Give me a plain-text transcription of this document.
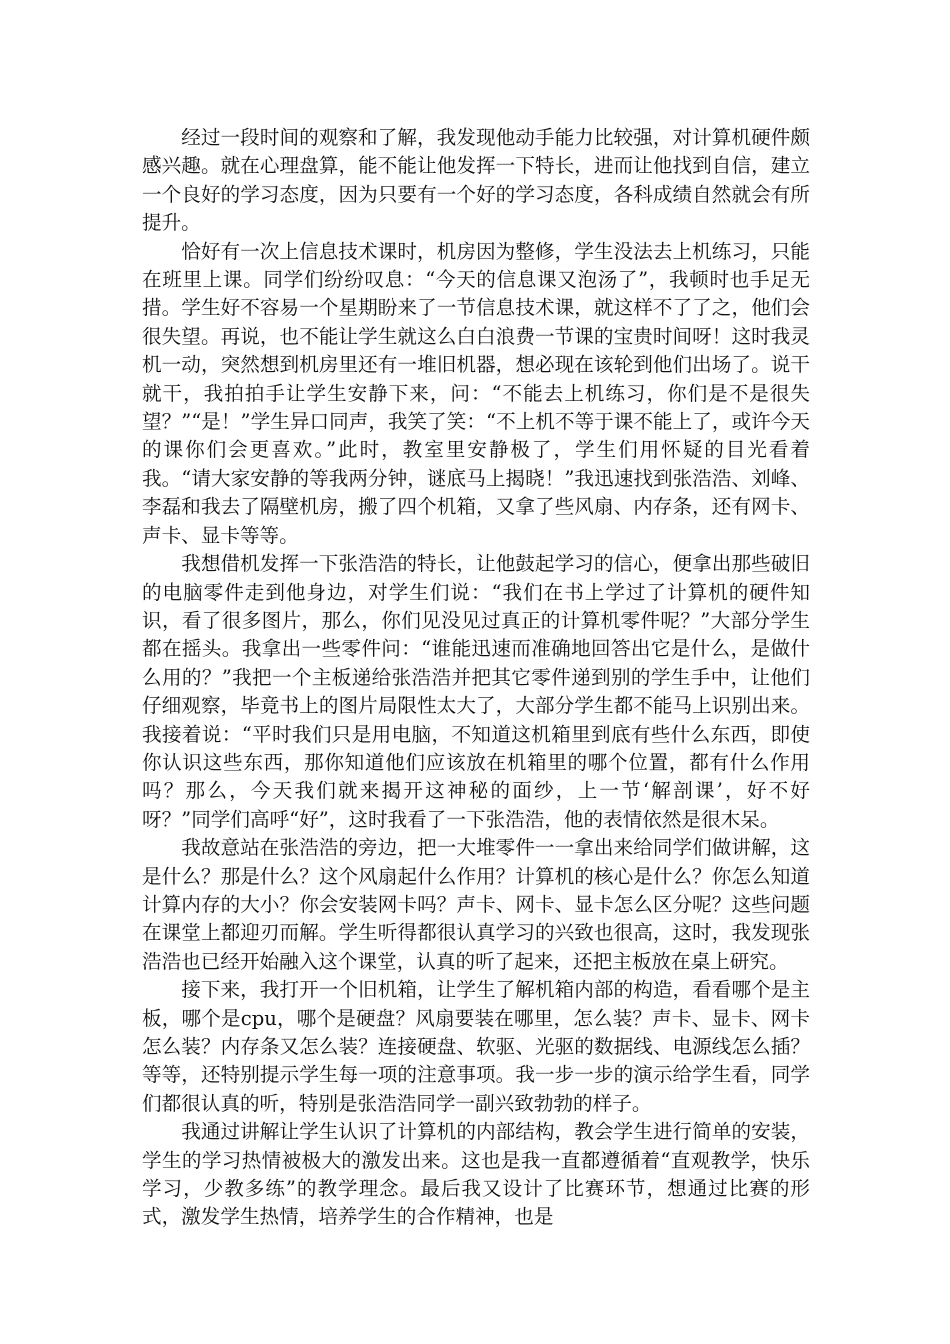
经过一段时间的观察和了解，我发现他动手能力比较强，对计算机硬件颇感兴趣。就在心理盘算，能不能让他发挥一下特长，进而让他找到自信，建立一个良好的学习态度，因为只要有一个好的学习态度，各科成绩自然就会有所提升。

恰好有一次上信息技术课时，机房因为整修，学生没法去上机练习，只能在班里上课。同学们纷纷叹息：“今天的信息课又泡汤了”，我顿时也手足无措。学生好不容易一个星期盼来了一节信息技术课，就这样不了了之，他们会很失望。再说，也不能让学生就这么白白浪费一节课的宝贵时间呀！这时我灵机一动，突然想到机房里还有一堆旧机器，想必现在该轮到他们出场了。说干就干，我拍拍手让学生安静下来，问：“不能去上机练习，你们是不是很失望？”“是！”学生异口同声，我笑了笑：“不上机不等于课不能上了，或许今天的课你们会更喜欢。”此时，教室里安静极了，学生们用怀疑的目光看着我。“请大家安静的等我两分钟，谜底马上揭晓！”我迅速找到张浩浩、刘峰、李磊和我去了隔壁机房，搬了四个机箱，又拿了些风扇、内存条，还有网卡、声卡、显卡等等。

我想借机发挥一下张浩浩的特长，让他鼓起学习的信心，便拿出那些破旧的电脑零件走到他身边，对学生们说：“我们在书上学过了计算机的硬件知识，看了很多图片，那么，你们见没见过真正的计算机零件呢？”大部分学生都在摇头。我拿出一些零件问：“谁能迅速而准确地回答出它是什么，是做什么用的？”我把一个主板递给张浩浩并把其它零件递到别的学生手中，让他们仔细观察，毕竟书上的图片局限性太大了，大部分学生都不能马上识别出来。我接着说：“平时我们只是用电脑，不知道这机箱里到底有些什么东西，即使你认识这些东西，那你知道他们应该放在机箱里的哪个位置，都有什么作用吗？那么，今天我们就来揭开这神秘的面纱，上一节‘解剖课’，好不好呀？”同学们高呼“好”，这时我看了一下张浩浩，他的表情依然是很木呆。

我故意站在张浩浩的旁边，把一大堆零件一一拿出来给同学们做讲解，这是什么？那是什么？这个风扇起什么作用？计算机的核心是什么？你怎么知道计算内存的大小？你会安装网卡吗？声卡、网卡、显卡怎么区分呢？这些问题在课堂上都迎刃而解。学生听得都很认真学习的兴致也很高，这时，我发现张浩浩也已经开始融入这个课堂，认真的听了起来，还把主板放在桌上研究。

接下来，我打开一个旧机箱，让学生了解机箱内部的构造，看看哪个是主板，哪个是cpu，哪个是硬盘？风扇要装在哪里，怎么装？声卡、显卡、网卡怎么装？内存条又怎么装？连接硬盘、软驱、光驱的数据线、电源线怎么插？等等，还特别提示学生每一项的注意事项。我一步一步的演示给学生看，同学们都很认真的听，特别是张浩浩同学一副兴致勃勃的样子。

我通过讲解让学生认识了计算机的内部结构，教会学生进行简单的安装，学生的学习热情被极大的激发出来。这也是我一直都遵循着“直观教学，快乐学习，少教多练”的教学理念。最后我又设计了比赛环节，想通过比赛的形式，激发学生热情，培养学生的合作精神，也是
